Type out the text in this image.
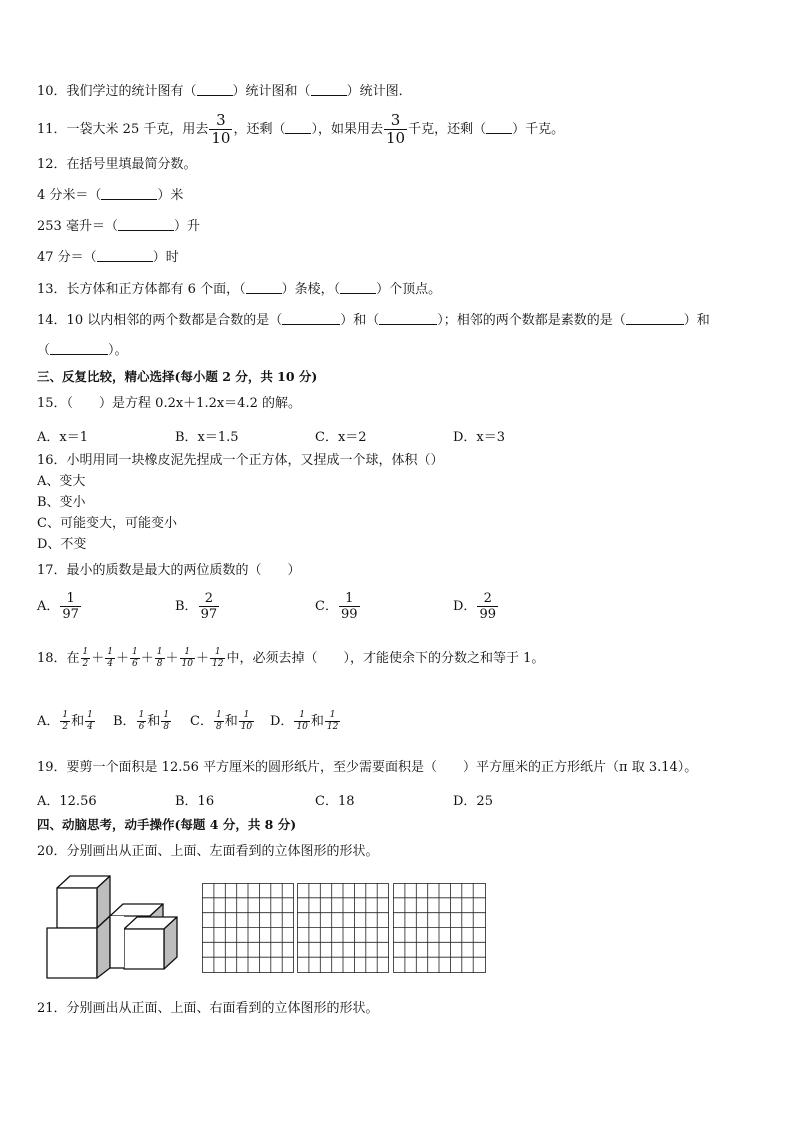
10．我们学过的统计图有（	）统计图和（	）统计图．
11．一袋大米 25 千克，用去 $\frac{3}{10}$ ，还剩（ ），如果用去 $\frac{3}{10}$ 千克，还剩（ ）千克。
12．在括号里填最简分数。
4 分米＝（	）米
253 毫升＝（	）升
47 分＝（	）时
13．长方体和正方体都有 6 个面，（	）条棱，（	）个顶点。
14．10 以内相邻的两个数都是合数的是（	）和（	）；相邻的两个数都是素数的是（	）和
（	）。
三、反复比较，精心选择(每小题 2 分，共 10 分)
15．（　　）是方程 0.2x＋1.2x＝4.2 的解。
A．x＝1	B．x＝1.5	C．x＝2	D．x＝3
16．小明用同一块橡皮泥先捏成一个正方体，又捏成一个球，体积（）
A、变大
B、变小
C、可能变大，可能变小
D、不变
17．最小的质数是最大的两位质数的（　　）
A． $\frac{1}{97}$	B． $\frac{2}{97}$	C． $\frac{1}{99}$	D． $\frac{2}{99}$
18．在 $\frac{1}{2} + \frac{1}{4} + \frac{1}{6} + \frac{1}{8} + \frac{1}{10} + \frac{1}{12}$ 中，必须去掉（　　），才能使余下的分数之和等于 1。
A． $\frac{1}{2}$ 和 $\frac{1}{4}$ B． $\frac{1}{6}$ 和 $\frac{1}{8}$ C． $\frac{1}{8}$ 和 $\frac{1}{10}$ D． $\frac{1}{10}$ 和 $\frac{1}{12}$
19．要剪一个面积是 12.56 平方厘米的圆形纸片，至少需要面积是（　　）平方厘米的正方形纸片（π 取 3.14）。
A．12.56	B．16	C．18	D．25
四、动脑思考，动手操作(每题 4 分，共 8 分)
20．分别画出从正面、上面、左面看到的立体图形的形状。
21．分别画出从正面、上面、右面看到的立体图形的形状。
